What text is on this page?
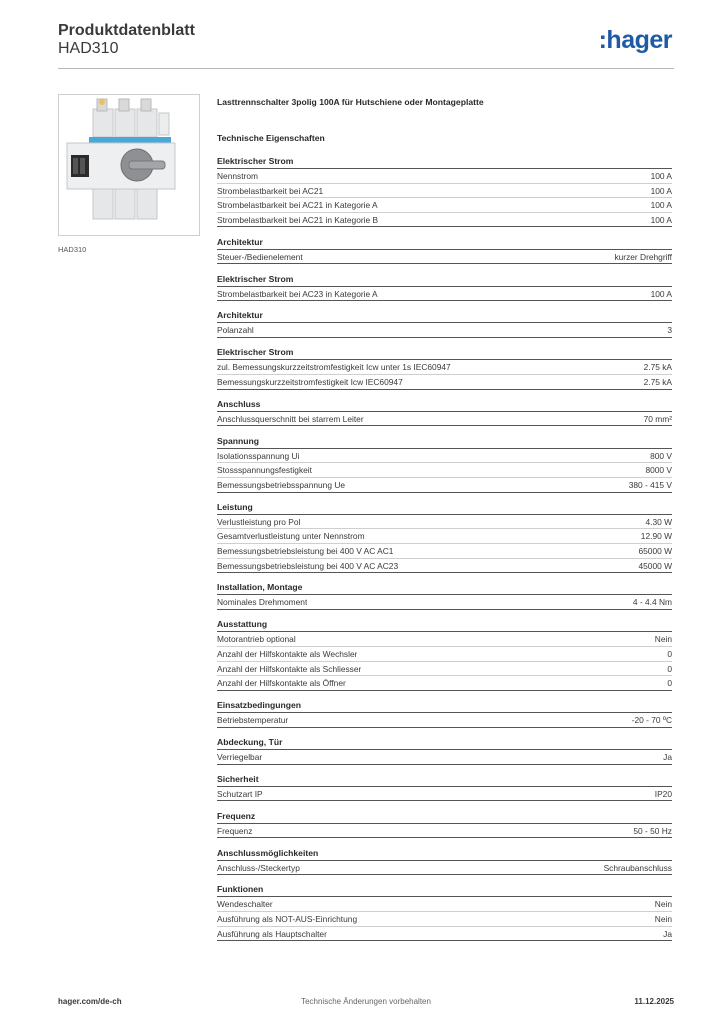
Produktdatenblatt
HAD310	:hager
HAD310
Lasttrennschalter 3polig 100A für Hutschiene oder Montageplatte
Technische Eigenschaften
Elektrischer Strom
Nennstrom	100 A
Strombelastbarkeit bei AC21	100 A
Strombelastbarkeit bei AC21 in Kategorie A	100 A
Strombelastbarkeit bei AC21 in Kategorie B	100 A
Architektur
Steuer-/Bedienelement	kurzer Drehgriff
Elektrischer Strom
Strombelastbarkeit bei AC23 in Kategorie A	100 A
Architektur
Polanzahl	3
Elektrischer Strom
zul. Bemessungskurzzeitstromfestigkeit Icw unter 1s IEC60947	2.75 kA
Bemessungskurzzeitstromfestigkeit Icw IEC60947	2.75 kA
Anschluss
Anschlussquerschnitt bei starrem Leiter	70 mm²
Spannung
Isolationsspannung Ui	800 V
Stossspannungsfestigkeit	8000 V
Bemessungsbetriebsspannung Ue	380 - 415 V
Leistung
Verlustleistung pro Pol	4.30 W
Gesamtverlustleistung unter Nennstrom	12.90 W
Bemessungsbetriebsleistung bei 400 V AC AC1	65000 W
Bemessungsbetriebsleistung bei 400 V AC AC23	45000 W
Installation, Montage
Nominales Drehmoment	4 - 4.4 Nm
Ausstattung
Motorantrieb optional	Nein
Anzahl der Hilfskontakte als Wechsler	0
Anzahl der Hilfskontakte als Schliesser	0
Anzahl der Hilfskontakte als Öffner	0
Einsatzbedingungen
Betriebstemperatur	-20 - 70 ºC
Abdeckung, Tür
Verriegelbar	Ja
Sicherheit
Schutzart IP	IP20
Frequenz
Frequenz	50 - 50 Hz
Anschlussmöglichkeiten
Anschluss-/Steckertyp	Schraubanschluss
Funktionen
Wendeschalter	Nein
Ausführung als NOT-AUS-Einrichtung	Nein
Ausführung als Hauptschalter	Ja
hager.com/de-ch	Technische Änderungen vorbehalten	11.12.2025
